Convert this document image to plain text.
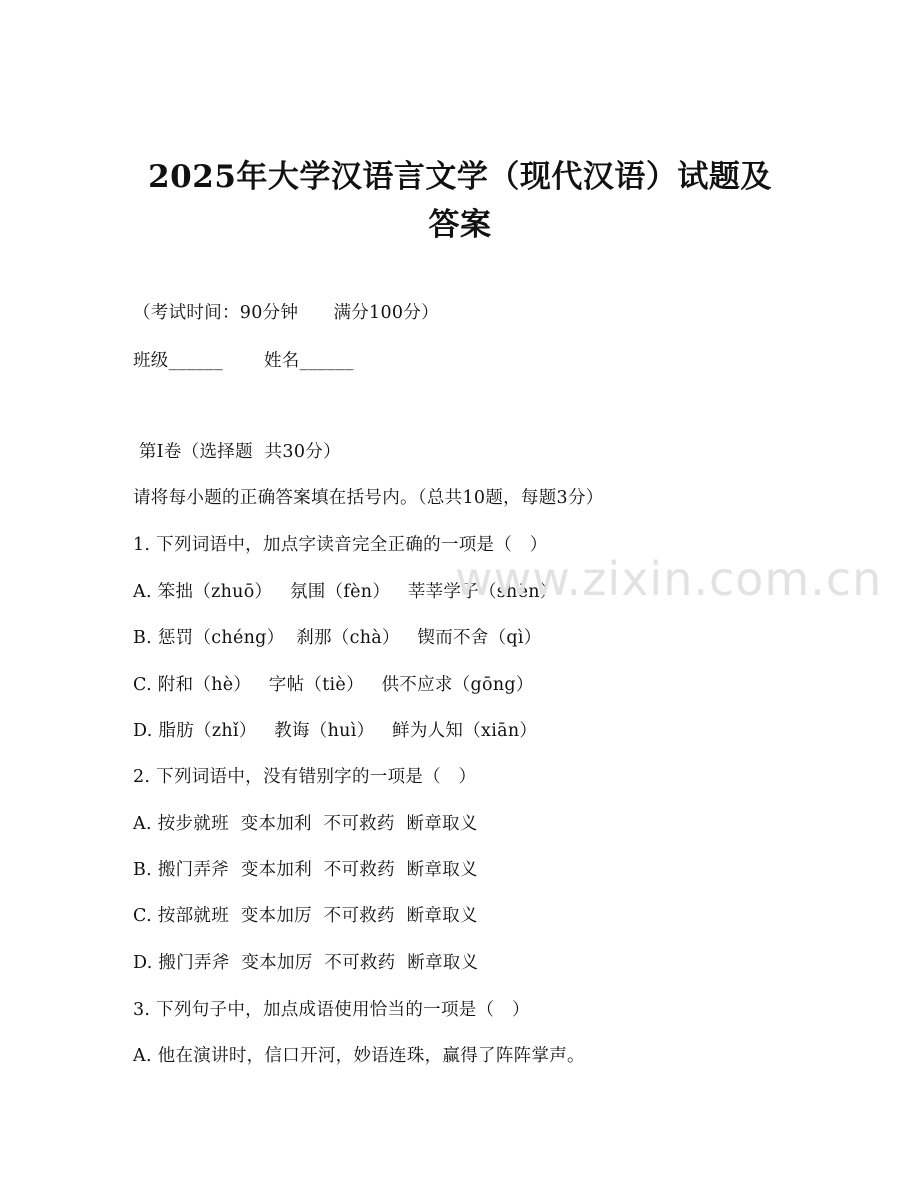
2025年大学汉语言文学（现代汉语）试题及
答案
（考试时间：90分钟      满分100分）
班级______       姓名______
第Ⅰ卷（选择题  共30分）
请将每小题的正确答案填在括号内。（总共10题，每题3分）
1. 下列词语中，加点字读音完全正确的一项是（   ）
A. 笨拙（zhuō）   氛围（fèn）   莘莘学子（shēn）
B. 惩罚（chéng）  刹那（chà）   锲而不舍（qì）
C. 附和（hè）   字帖（tiè）   供不应求（gōng）
D. 脂肪（zhǐ）   教诲（huì）   鲜为人知（xiān）
2. 下列词语中，没有错别字的一项是（   ）
A. 按步就班  变本加利  不可救药  断章取义
B. 搬门弄斧  变本加利  不可救药  断章取义
C. 按部就班  变本加厉  不可救药  断章取义
D. 搬门弄斧  变本加厉  不可救药  断章取义
3. 下列句子中，加点成语使用恰当的一项是（   ）
A. 他在演讲时，信口开河，妙语连珠，赢得了阵阵掌声。
www.zixin.com.cn
